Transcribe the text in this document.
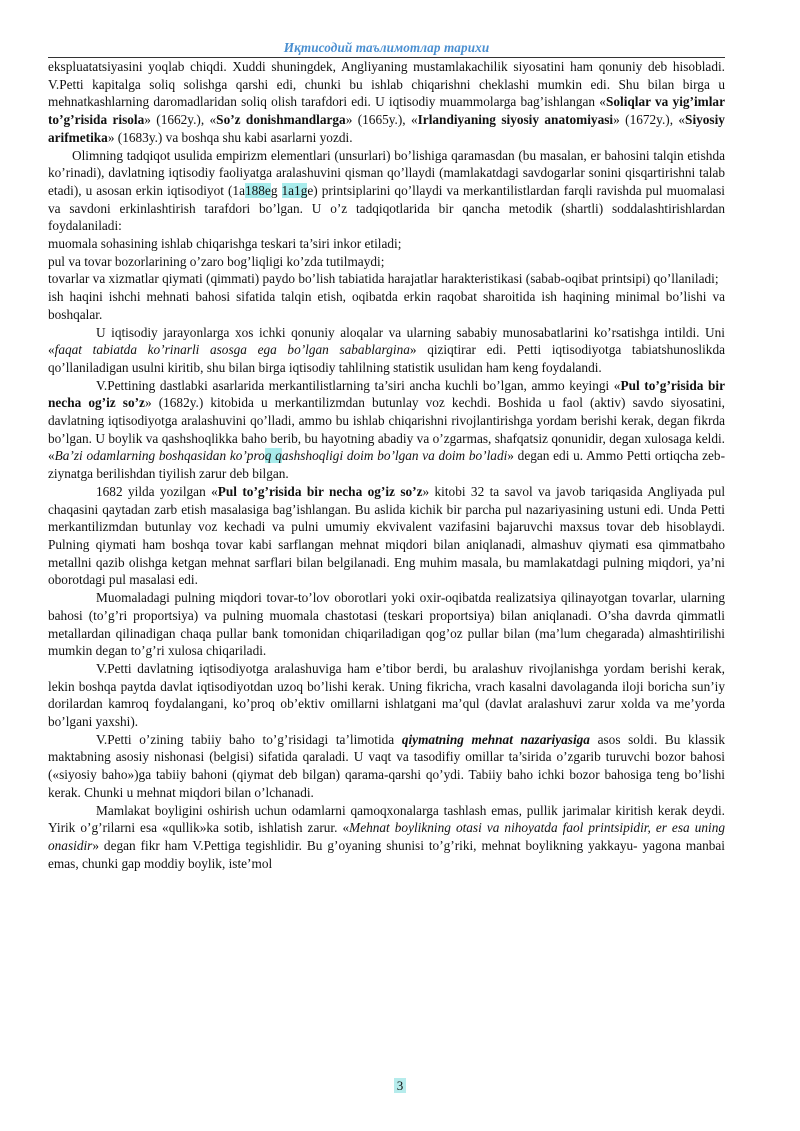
Иқтисодий таълимотлар тарихи

ekspluatatsiyasini yoqlab chiqdi. Xuddi shuningdek, Angliyaning mustamlakachilik siyosatini ham qonuniy deb hisobladi. V.Petti kapitalga soliq solishga qarshi edi, chunki bu ishlab chiqarishni cheklashi mumkin edi. Shu bilan birga u mehnatkashlarning daromadlaridan soliq olish tarafdori edi. U iqtisodiy muammolarga bag’ishlangan «Soliqlar va yig’imlar to’g’risida risola» (1662y.), «So’z donishmandlarga» (1665y.), «Irlandiyaning siyosiy anatomiyasi» (1672y.), «Siyosiy arifmetika» (1683y.) va boshqa shu kabi asarlarni yozdi.

Olimning tadqiqot usulida empirizm elementlari (unsurlari) bo’lishiga qaramasdan (bu masalan, er bahosini talqin etishda ko’rinadi), davlatning iqtisodiy faoliyatga aralashuvini qisman qo’llaydi (mamlakatdagi savdogarlar sonini qisqartirishni talab etadi), u asosan erkin iqtisodiyot (1a188eg 1a1ge) printsiplarini qo’llaydi va merkantilistlardan farqli ravishda pul muomalasi va savdoni erkinlashtirish tarafdori bo’lgan. U o’z tadqiqotlarida bir qancha metodik (shartli) soddalashtirishlardan foydalaniladi:

muomala sohasining ishlab chiqarishga teskari ta’siri inkor etiladi;

pul va tovar bozorlarining o’zaro bog’liqligi ko’zda tutilmaydi;

tovarlar va xizmatlar qiymati (qimmati) paydo bo’lish tabiatida harajatlar harakteristikasi (sabab-oqibat printsipi) qo’llaniladi;

ish haqini ishchi mehnati bahosi sifatida talqin etish, oqibatda erkin raqobat sharoitida ish haqining minimal bo’lishi va boshqalar.

U iqtisodiy jarayonlarga xos ichki qonuniy aloqalar va ularning sababiy munosabatlarini ko’rsatishga intildi. Uni «faqat tabiatda ko’rinarli asosga ega bo’lgan sabablargina» qiziqtirar edi. Petti iqtisodiyotga tabiatshunoslikda qo’llaniladigan usulni kiritib, shu bilan birga iqtisodiy tahlilning statistik usulidan ham keng foydalandi.

V.Pettining dastlabki asarlarida merkantilistlarning ta’siri ancha kuchli bo’lgan, ammo keyingi «Pul to’g’risida bir necha og’iz so’z» (1682y.) kitobida u merkantilizmdan butunlay voz kechdi. Boshida u faol (aktiv) savdo siyosatini, davlatning iqtisodiyotga aralashuvini qo’lladi, ammo bu ishlab chiqarishni rivojlantirishga yordam berishi kerak, degan fikrda bo’lgan. U boylik va qashshoqlikka baho berib, bu hayotning abadiy va o’zgarmas, shafqatsiz qonunidir, degan xulosaga keldi. «Ba’zi odamlarning boshqasidan ko’proq qashshoqligi doim bo’lgan va doim bo’ladi» degan edi u. Ammo Petti ortiqcha zeb-ziynatga berilishdan tiyilish zarur deb bilgan.

1682 yilda yozilgan «Pul to’g’risida bir necha og’iz so’z» kitobi 32 ta savol va javob tariqasida Angliyada pul chaqasini qaytadan zarb etish masalasiga bag’ishlangan. Bu aslida kichik bir parcha pul nazariyasining ustuni edi. Unda Petti merkantilizmdan butunlay voz kechadi va pulni umumiy ekvivalent vazifasini bajaruvchi maxsus tovar deb hisoblaydi. Pulning qiymati ham boshqa tovar kabi sarflangan mehnat miqdori bilan aniqlanadi, almashuv qiymati esa qimmatbaho metallni qazib olishga ketgan mehnat sarflari bilan belgilanadi. Eng muhim masala, bu mamlakatdagi pulning miqdori, ya’ni oborotdagi pul masalasi edi.

Muomaladagi pulning miqdori tovar-to’lov oborotlari yoki oxir-oqibatda realizatsiya qilinayotgan tovarlar, ularning bahosi (to’g’ri proportsiya) va pulning muomala chastotasi (teskari proportsiya) bilan aniqlanadi. O’sha davrda qimmatli metallardan qilinadigan chaqa pullar bank tomonidan chiqariladigan qog’oz pullar bilan (ma’lum chegarada) almashtirilishi mumkin degan to’g’ri xulosa chiqariladi.

V.Petti davlatning iqtisodiyotga aralashuviga ham e’tibor berdi, bu aralashuv rivojlanishga yordam berishi kerak, lekin boshqa paytda davlat iqtisodiyotdan uzoq bo’lishi kerak. Uning fikricha, vrach kasalni davolaganda iloji boricha sun’iy dorilardan kamroq foydalangani, ko’proq ob’ektiv omillarni ishlatgani ma’qul (davlat aralashuvi zarur xolda va me’yorda bo’lgani yaxshi).

V.Petti o’zining tabiiy baho to’g’risidagi ta’limotida qiymatning mehnat nazariyasiga asos soldi. Bu klassik maktabning asosiy nishonasi (belgisi) sifatida qaraladi. U vaqt va tasodifiy omillar ta’sirida o’zgarib turuvchi bozor bahosi («siyosiy baho»)ga tabiiy bahoni (qiymat deb bilgan) qarama-qarshi qo’ydi. Tabiiy baho ichki bozor bahosiga teng bo’lishi kerak. Chunki u mehnat miqdori bilan o’lchanadi.

Mamlakat boyligini oshirish uchun odamlarni qamoqxonalarga tashlash emas, pullik jarimalar kiritish kerak deydi. Yirik o’g’rilarni esa «qullik»ka sotib, ishlatish zarur. «Mehnat boylikning otasi va nihoyatda faol printsipidir, er esa uning onasidir» degan fikr ham V.Pettiga tegishlidir. Bu g’oyaning shunisi to’g’riki, mehnat boylikning yakkayu- yagona manbai emas, chunki gap moddiy boylik, iste’mol

3
